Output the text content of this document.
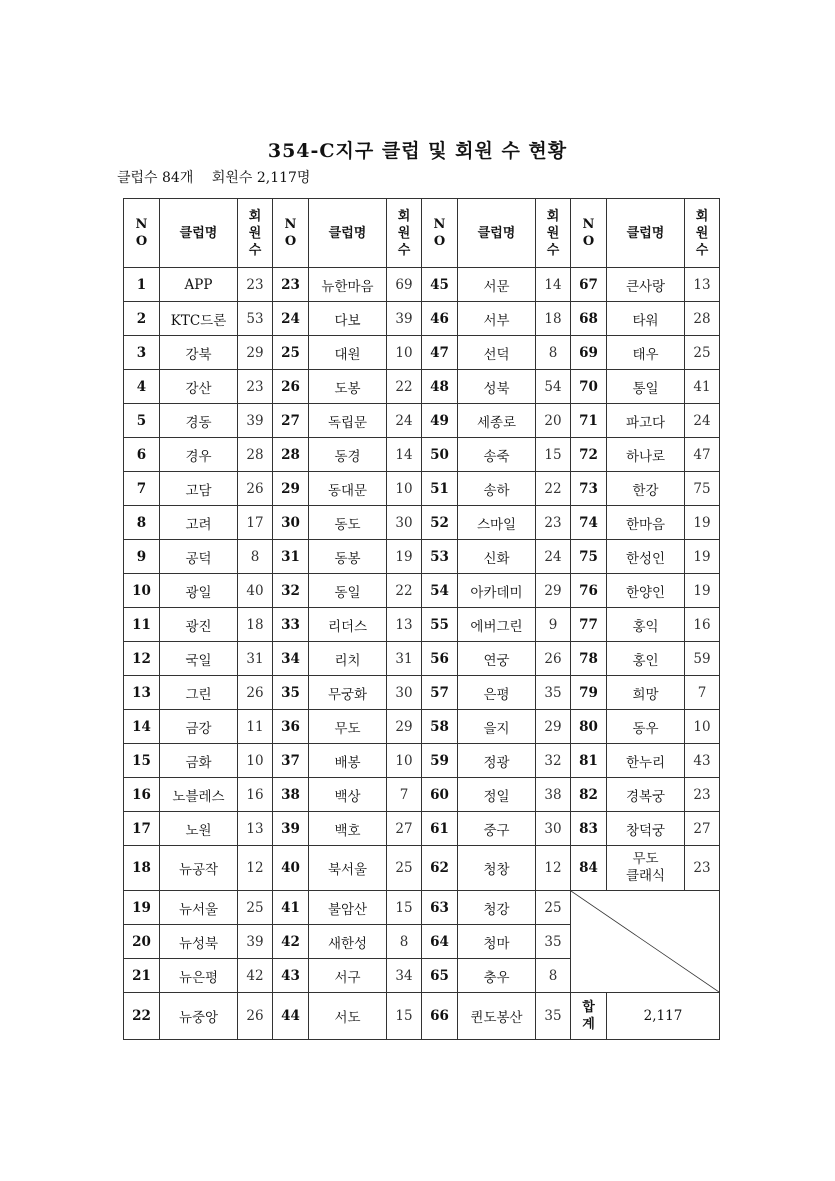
354-C지구 클럽 및 회원 수 현황
클럽수 84개 회원수 2,117명
N
O	클럽명	회
원
수	N
O	클럽명	회
원
수	N
O	클럽명	회
원
수	N
O	클럽명	회
원
수

1	APP	23	23	뉴한마음	69	45	서문	14	67	큰사랑	13
2	KTC드론	53	24	다보	39	46	서부	18	68	타워	28
3	강북	29	25	대원	10	47	선덕	8	69	태우	25
4	강산	23	26	도봉	22	48	성북	54	70	통일	41
5	경동	39	27	독립문	24	49	세종로	20	71	파고다	24
6	경우	28	28	동경	14	50	송죽	15	72	하나로	47
7	고담	26	29	동대문	10	51	송하	22	73	한강	75
8	고려	17	30	동도	30	52	스마일	23	74	한마음	19
9	공덕	8	31	동봉	19	53	신화	24	75	한성인	19
10	광일	40	32	동일	22	54	아카데미	29	76	한양인	19
11	광진	18	33	리더스	13	55	에버그린	9	77	홍익	16
12	국일	31	34	리치	31	56	연궁	26	78	홍인	59
13	그린	26	35	무궁화	30	57	은평	35	79	희망	7
14	금강	11	36	무도	29	58	을지	29	80	동우	10
15	금화	10	37	배봉	10	59	정광	32	81	한누리	43
16	노블레스	16	38	백상	7	60	정일	38	82	경복궁	23
17	노원	13	39	백호	27	61	중구	30	83	창덕궁	27
18	뉴공작	12	40	북서울	25	62	청창	12	84	무도
클래식	23
19	뉴서울	25	41	불암산	15	63	청강	25	

20	뉴성북	39	42	새한성	8	64	청마	35			
21	뉴은평	42	43	서구	34	65	충우	8			
22	뉴중앙	26	44	서도	15	66	퀸도봉산	35	합
계	2,117	
